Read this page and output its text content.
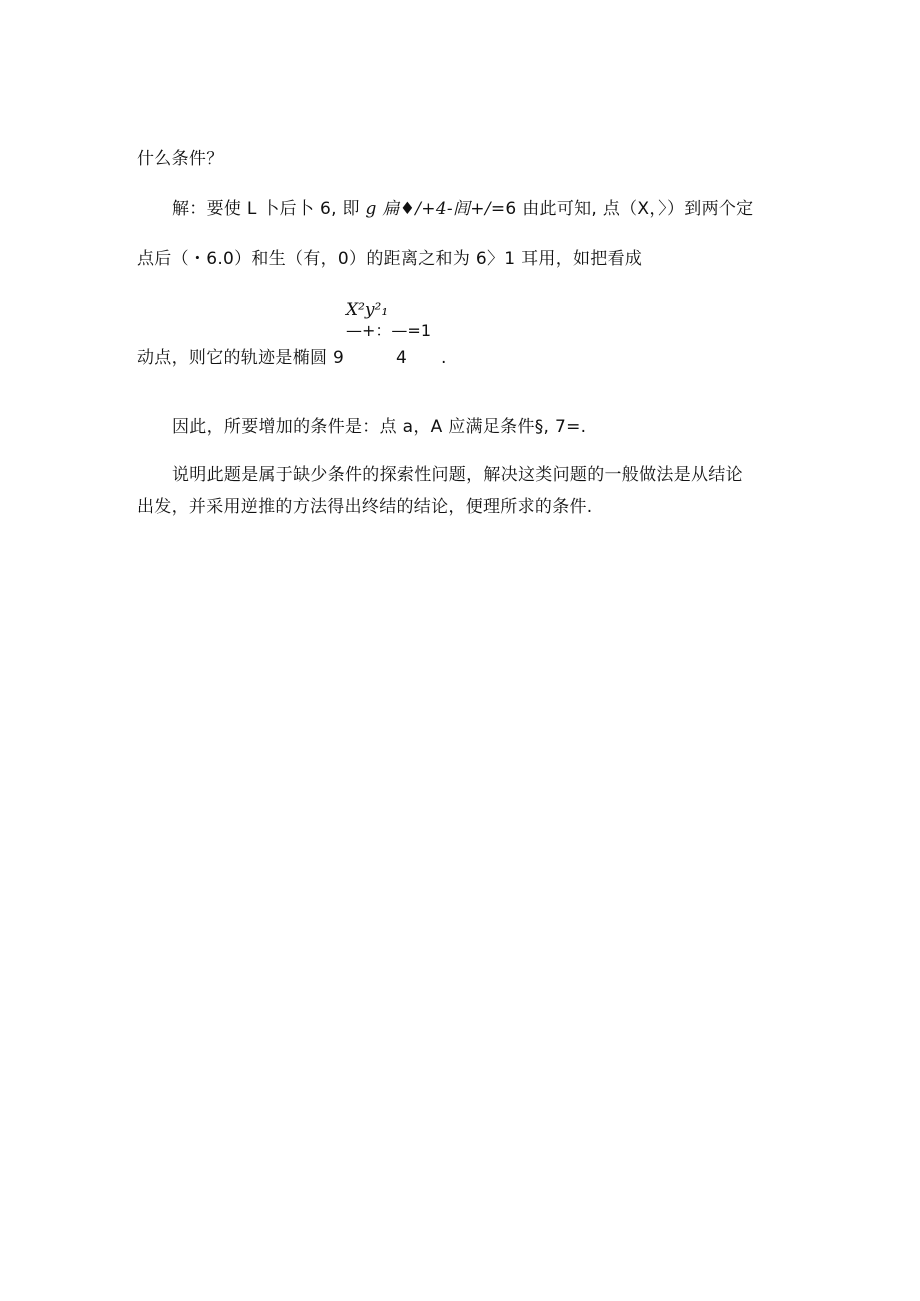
什么条件？
解：要使 L 卜后卜 6, 即 g 扁♦/+4-闾+/=6 由此可知, 点（X，〉）到两个定
点后（・6.0）和生（有，0）的距离之和为 6〉1 耳用，如把看成
X²y²₁
—+：—=1
动点，则它的轨迹是椭圆 9	4 .
因此，所要增加的条件是：点 a，A 应满足条件§, 7=.
说明此题是属于缺少条件的探索性问题，解决这类问题的一般做法是从结论
出发，并采用逆推的方法得出终结的结论，便理所求的条件.
